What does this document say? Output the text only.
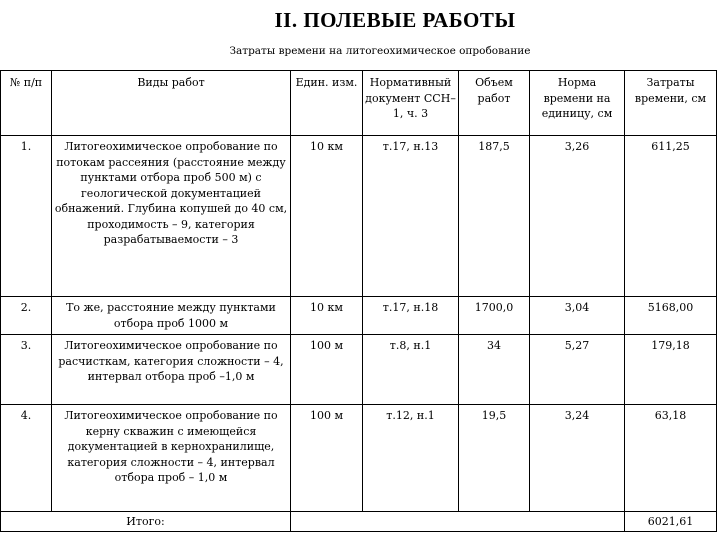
II. ПОЛЕВЫЕ РАБОТЫ
Затраты времени на литогеохимическое опробование
№ п/п	Виды работ	Един. изм.	Нормативный документ ССН–1, ч. 3	Объем работ	Норма времени на единицу, см	Затраты времени, см
1.	Литогеохимическое опробование по потокам рассеяния (расстояние между пунктами отбора проб 500 м) с геологической документацией обнажений. Глубина копушей до 40 см, проходимость – 9, категория разрабатываемости – 3	10 км	т.17, н.13	187,5	3,26	611,25
2.	То же, расстояние между пунктами отбора проб 1000 м	10 км	т.17, н.18	1700,0	3,04	5168,00
3.	Литогеохимическое опробование по расчисткам, категория сложности – 4, интервал отбора проб –1,0 м	100 м	т.8, н.1	34	5,27	179,18
4.	Литогеохимическое опробование по керну скважин с имеющейся документацией в кернохранилище, категория сложности – 4, интервал отбора проб – 1,0 м	100 м	т.12, н.1	19,5	3,24	63,18
Итого:						6021,61
